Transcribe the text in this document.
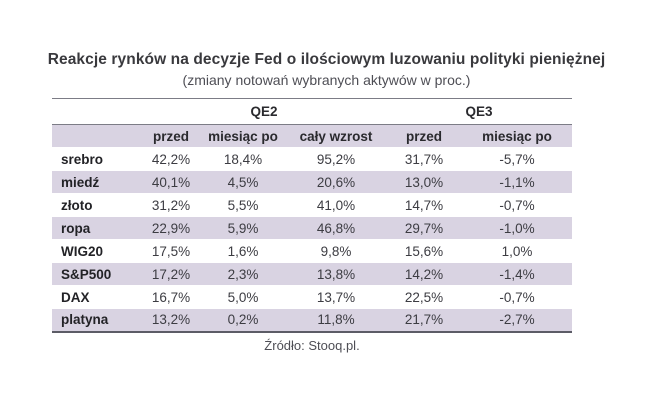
Reakcje rynków na decyzje Fed o ilościowym luzowaniu polityki pieniężnej
(zmiany notowań wybranych aktywów w proc.)
	QE2			QE3	
	przed	miesiąc po	cały wzrost	przed	miesiąc po
srebro	42,2%	18,4%	95,2%	31,7%	-5,7%
miedź	40,1%	4,5%	20,6%	13,0%	-1,1%
złoto	31,2%	5,5%	41,0%	14,7%	-0,7%
ropa	22,9%	5,9%	46,8%	29,7%	-1,0%
WIG20	17,5%	1,6%	9,8%	15,6%	1,0%
S&P500	17,2%	2,3%	13,8%	14,2%	-1,4%
DAX	16,7%	5,0%	13,7%	22,5%	-0,7%
platyna	13,2%	0,2%	11,8%	21,7%	-2,7%
Źródło: Stooq.pl.
